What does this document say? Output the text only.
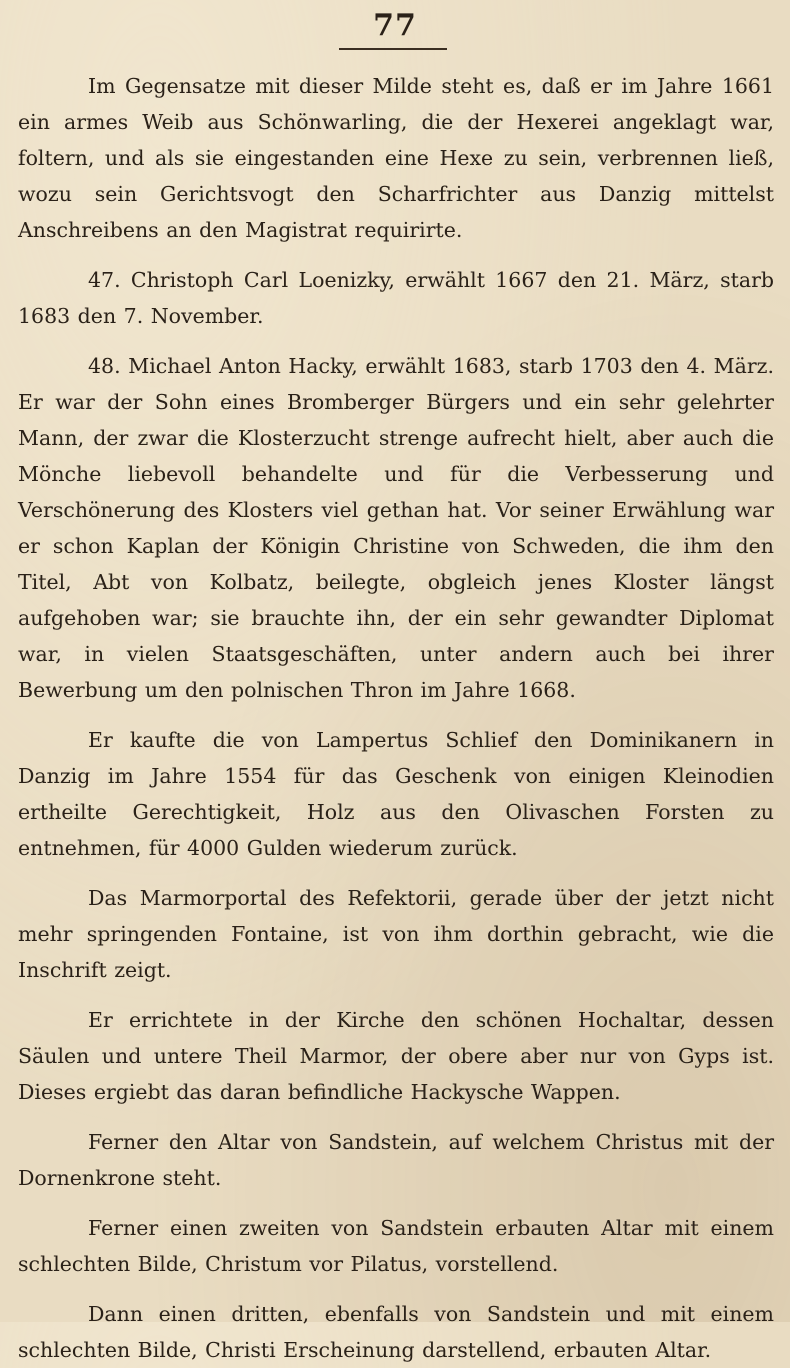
77

Im Gegensatze mit dieser Milde steht es, daß er im Jahre 1661 ein armes Weib aus Schönwarling, die der Hexerei angeklagt war, foltern, und als sie eingestanden eine Hexe zu sein, verbrennen ließ, wozu sein Gerichtsvogt den Scharfrichter aus Danzig mittelst Anschreibens an den Magistrat requirirte.

47. Christoph Carl Loenizky, erwählt 1667 den 21. März, starb 1683 den 7. November.

48. Michael Anton Hacky, erwählt 1683, starb 1703 den 4. März. Er war der Sohn eines Bromberger Bürgers und ein sehr gelehrter Mann, der zwar die Klosterzucht strenge aufrecht hielt, aber auch die Mönche liebevoll behandelte und für die Verbesserung und Verschönerung des Klosters viel gethan hat. Vor seiner Erwählung war er schon Kaplan der Königin Christine von Schweden, die ihm den Titel, Abt von Kolbatz, beilegte, obgleich jenes Kloster längst aufgehoben war; sie brauchte ihn, der ein sehr gewandter Diplomat war, in vielen Staatsgeschäften, unter andern auch bei ihrer Bewerbung um den polnischen Thron im Jahre 1668.

Er kaufte die von Lampertus Schlief den Dominikanern in Danzig im Jahre 1554 für das Geschenk von einigen Kleinodien ertheilte Gerechtigkeit, Holz aus den Olivaschen Forsten zu entnehmen, für 4000 Gulden wiederum zurück.

Das Marmorportal des Refektorii, gerade über der jetzt nicht mehr springenden Fontaine, ist von ihm dorthin gebracht, wie die Inschrift zeigt.

Er errichtete in der Kirche den schönen Hochaltar, dessen Säulen und untere Theil Marmor, der obere aber nur von Gyps ist. Dieses ergiebt das daran befindliche Hackysche Wappen.

Ferner den Altar von Sandstein, auf welchem Christus mit der Dornenkrone steht.

Ferner einen zweiten von Sandstein erbauten Altar mit einem schlechten Bilde, Christum vor Pilatus, vorstellend.

Dann einen dritten, ebenfalls von Sandstein und mit einem schlechten Bilde, Christi Erscheinung darstellend, erbauten Altar.
